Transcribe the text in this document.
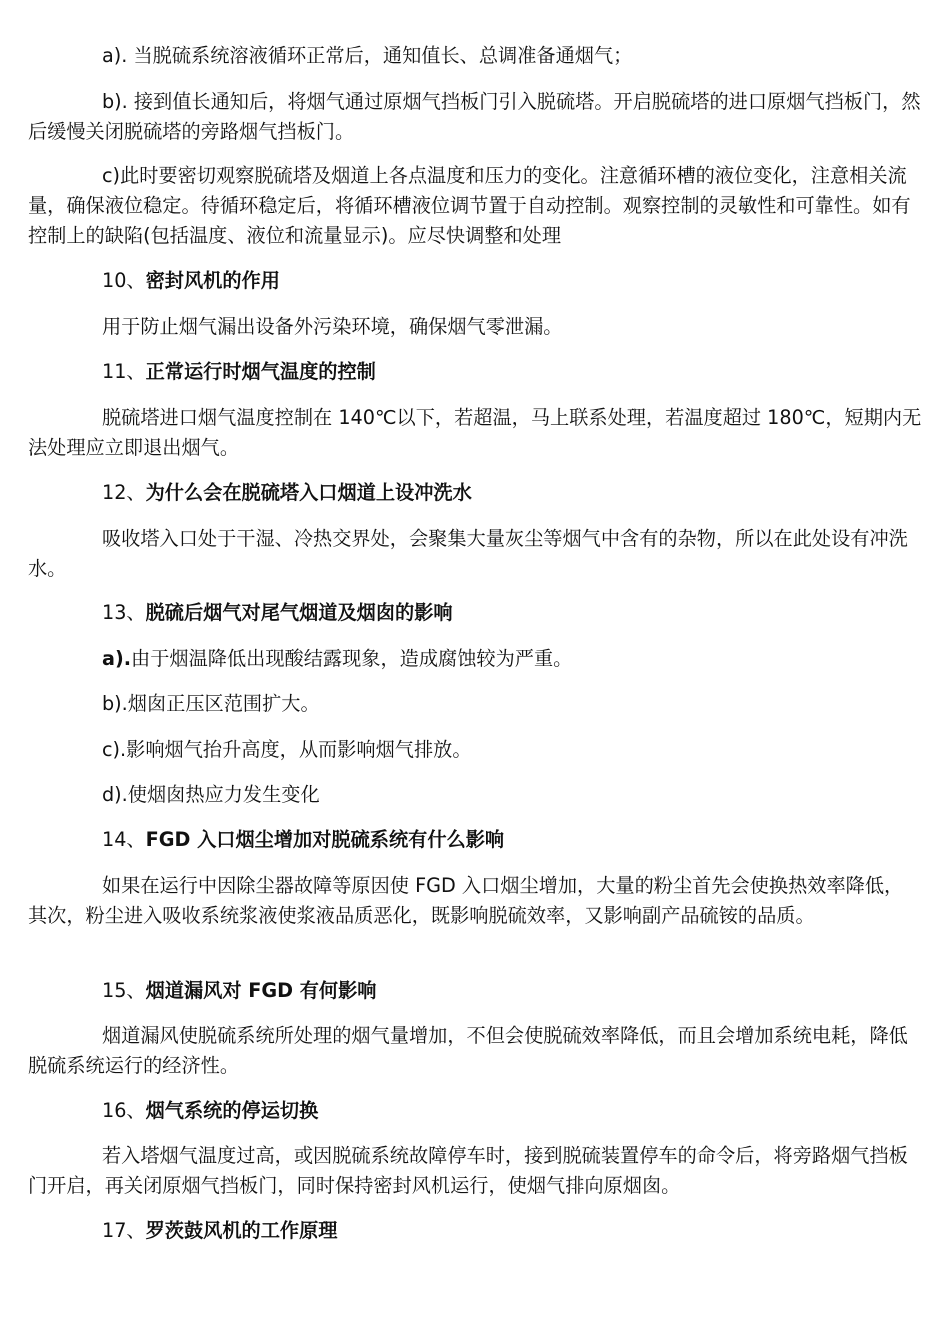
a). 当脱硫系统溶液循环正常后，通知值长、总调准备通烟气；
b). 接到值长通知后，将烟气通过原烟气挡板门引入脱硫塔。开启脱硫塔的进口原烟气挡板门，然后缓慢关闭脱硫塔的旁路烟气挡板门。
c)此时要密切观察脱硫塔及烟道上各点温度和压力的变化。注意循环槽的液位变化，注意相关流量，确保液位稳定。待循环稳定后，将循环槽液位调节置于自动控制。观察控制的灵敏性和可靠性。如有控制上的缺陷(包括温度、液位和流量显示)。应尽快调整和处理
10、密封风机的作用
用于防止烟气漏出设备外污染环境，确保烟气零泄漏。
11、正常运行时烟气温度的控制
脱硫塔进口烟气温度控制在 140℃以下，若超温，马上联系处理，若温度超过 180℃，短期内无法处理应立即退出烟气。
12、为什么会在脱硫塔入口烟道上设冲洗水
吸收塔入口处于干湿、冷热交界处，会聚集大量灰尘等烟气中含有的杂物，所以在此处设有冲洗水。
13、脱硫后烟气对尾气烟道及烟囱的影响
a).由于烟温降低出现酸结露现象，造成腐蚀较为严重。
b).烟囱正压区范围扩大。
c).影响烟气抬升高度，从而影响烟气排放。
d).使烟囱热应力发生变化
14、FGD 入口烟尘增加对脱硫系统有什么影响
如果在运行中因除尘器故障等原因使 FGD 入口烟尘增加，大量的粉尘首先会使换热效率降低，其次，粉尘进入吸收系统浆液使浆液品质恶化，既影响脱硫效率，又影响副产品硫铵的品质。
15、烟道漏风对 FGD 有何影响
烟道漏风使脱硫系统所处理的烟气量增加，不但会使脱硫效率降低，而且会增加系统电耗，降低脱硫系统运行的经济性。
16、烟气系统的停运切换
若入塔烟气温度过高，或因脱硫系统故障停车时，接到脱硫装置停车的命令后，将旁路烟气挡板门开启，再关闭原烟气挡板门，同时保持密封风机运行，使烟气排向原烟囱。
17、罗茨鼓风机的工作原理
